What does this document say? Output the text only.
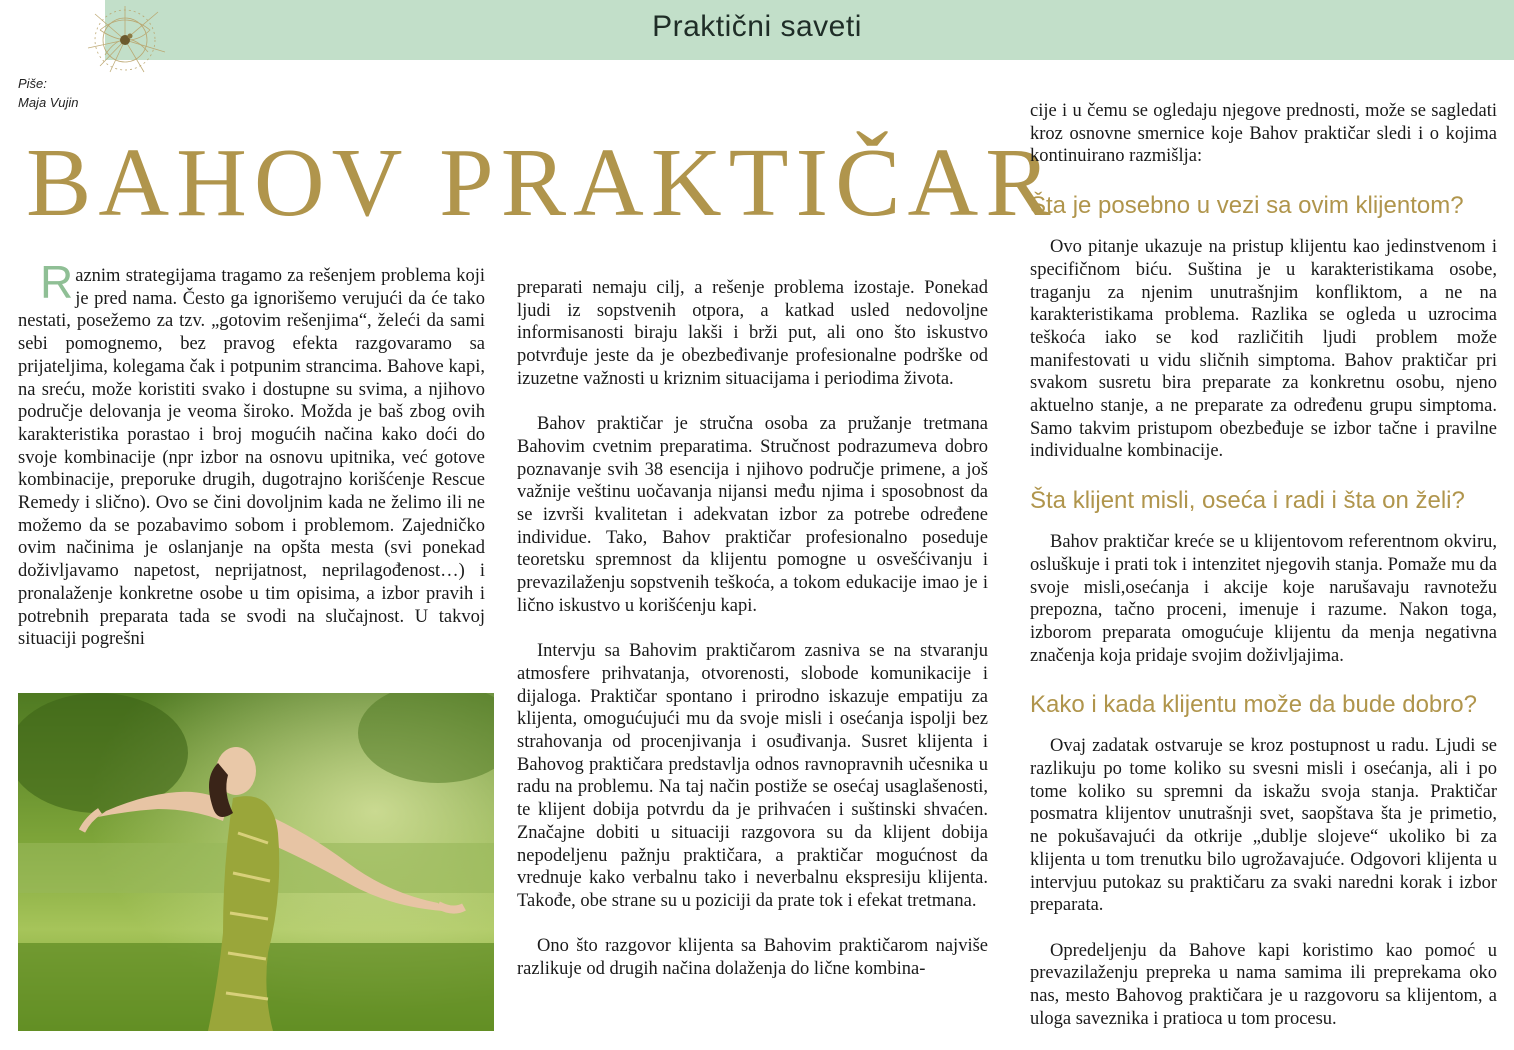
Praktični saveti
Piše:
Maja Vujin
BAHOV PRAKTIČAR

Raznim strategijama tragamo za rešenjem problema koji je pred nama. Često ga ignorišemo verujući da će tako nestati, posežemo za tzv. „gotovim rešenjima“, želeći da sami sebi pomognemo, bez pravog efekta razgovaramo sa prijateljima, kolegama čak i potpunim strancima. Bahove kapi, na sreću, može koristiti svako i dostupne su svima, a njihovo područje delovanja je veoma široko. Možda je baš zbog ovih karakteristika porastao i broj mogućih načina kako doći do svoje kombinacije (npr izbor na osnovu upitnika, već gotove kombinacije, preporuke drugih, dugotrajno korišćenje Rescue Remedy i slično). Ovo se čini dovoljnim kada ne želimo ili ne možemo da se pozabavimo sobom i problemom. Zajedničko ovim načinima je oslanjanje na opšta mesta (svi ponekad doživljavamo napetost, neprijatnost, neprilagođenost…) i pronalaženje konkretne osobe u tim opisima, a izbor pravih i potrebnih preparata tada se svodi na slučajnost. U takvoj situaciji pogrešni

preparati nemaju cilj, a rešenje problema izostaje. Ponekad ljudi iz sopstvenih otpora, a katkad usled nedovoljne informisanosti biraju lakši i brži put, ali ono što iskustvo potvrđuje jeste da je obezbeđivanje profesionalne podrške od izuzetne važnosti u kriznim situacijama i periodima života.

Bahov praktičar je stručna osoba za pružanje tretmana Bahovim cvetnim preparatima. Stručnost podrazumeva dobro poznavanje svih 38 esencija i njihovo područje primene, a još važnije veštinu uočavanja nijansi među njima i sposobnost da se izvrši kvalitetan i adekvatan izbor za potrebe određene individue. Tako, Bahov praktičar profesionalno poseduje teoretsku spremnost da klijentu pomogne u osvešćivanju i prevazilaženju sopstvenih teškoća, a tokom edukacije imao je i lično iskustvo u korišćenju kapi.

Intervju sa Bahovim praktičarom zasniva se na stvaranju atmosfere prihvatanja, otvorenosti, slobode komunikacije i dijaloga. Praktičar spontano i prirodno iskazuje empatiju za klijenta, omogućujući mu da svoje misli i osećanja ispolji bez strahovanja od procenjivanja i osuđivanja. Susret klijenta i Bahovog praktičara predstavlja odnos ravnopravnih učesnika u radu na problemu. Na taj način postiže se osećaj usaglašenosti, te klijent dobija potvrdu da je prihvaćen i suštinski shvaćen. Značajne dobiti u situaciji razgovora su da klijent dobija nepodeljenu pažnju praktičara, a praktičar mogućnost da vrednuje kako verbalnu tako i neverbalnu ekspresiju klijenta. Takođe, obe strane su u poziciji da prate tok i efekat tretmana.

Ono što razgovor klijenta sa Bahovim praktičarom najviše razlikuje od drugih načina dolaženja do lične kombina-

cije i u čemu se ogledaju njegove prednosti, može se sagledati kroz osnovne smernice koje Bahov praktičar sledi i o kojima kontinuirano razmišlja:

Šta je posebno u vezi sa ovim klijentom?

Ovo pitanje ukazuje na pristup klijentu kao jedinstvenom i specifičnom biću. Suština je u karakteristikama osobe, traganju za njenim unutrašnjim konfliktom, a ne na karakteristikama problema. Razlika se ogleda u uzrocima teškoća iako se kod različitih ljudi problem može manifestovati u vidu sličnih simptoma. Bahov praktičar pri svakom susretu bira preparate za konkretnu osobu, njeno aktuelno stanje, a ne preparate za određenu grupu simptoma. Samo takvim pristupom obezbeđuje se izbor tačne i pravilne individualne kombinacije.

Šta klijent misli, oseća i radi i šta on želi?

Bahov praktičar kreće se u klijentovom referentnom okviru, osluškuje i prati tok i intenzitet njegovih stanja. Pomaže mu da svoje misli,osećanja i akcije koje narušavaju ravnotežu prepozna, tačno proceni, imenuje i razume. Nakon toga, izborom preparata omogućuje klijentu da menja negativna značenja koja pridaje svojim doživljajima.

Kako i kada klijentu može da bude dobro?

Ovaj zadatak ostvaruje se kroz postupnost u radu. Ljudi se razlikuju po tome koliko su svesni misli i osećanja, ali i po tome koliko su spremni da iskažu svoja stanja. Praktičar posmatra klijentov unutrašnji svet, saopštava šta je primetio, ne pokušavajući da otkrije „dublje slojeve“ ukoliko bi za klijenta u tom trenutku bilo ugrožavajuće. Odgovori klijenta u intervjuu putokaz su praktičaru za svaki naredni korak i izbor preparata.

Opredeljenju da Bahove kapi koristimo kao pomoć u prevazilaženju prepreka u nama samima ili preprekama oko nas, mesto Bahovog praktičara je u razgovoru sa klijentom, a uloga saveznika i pratioca u tom procesu.
